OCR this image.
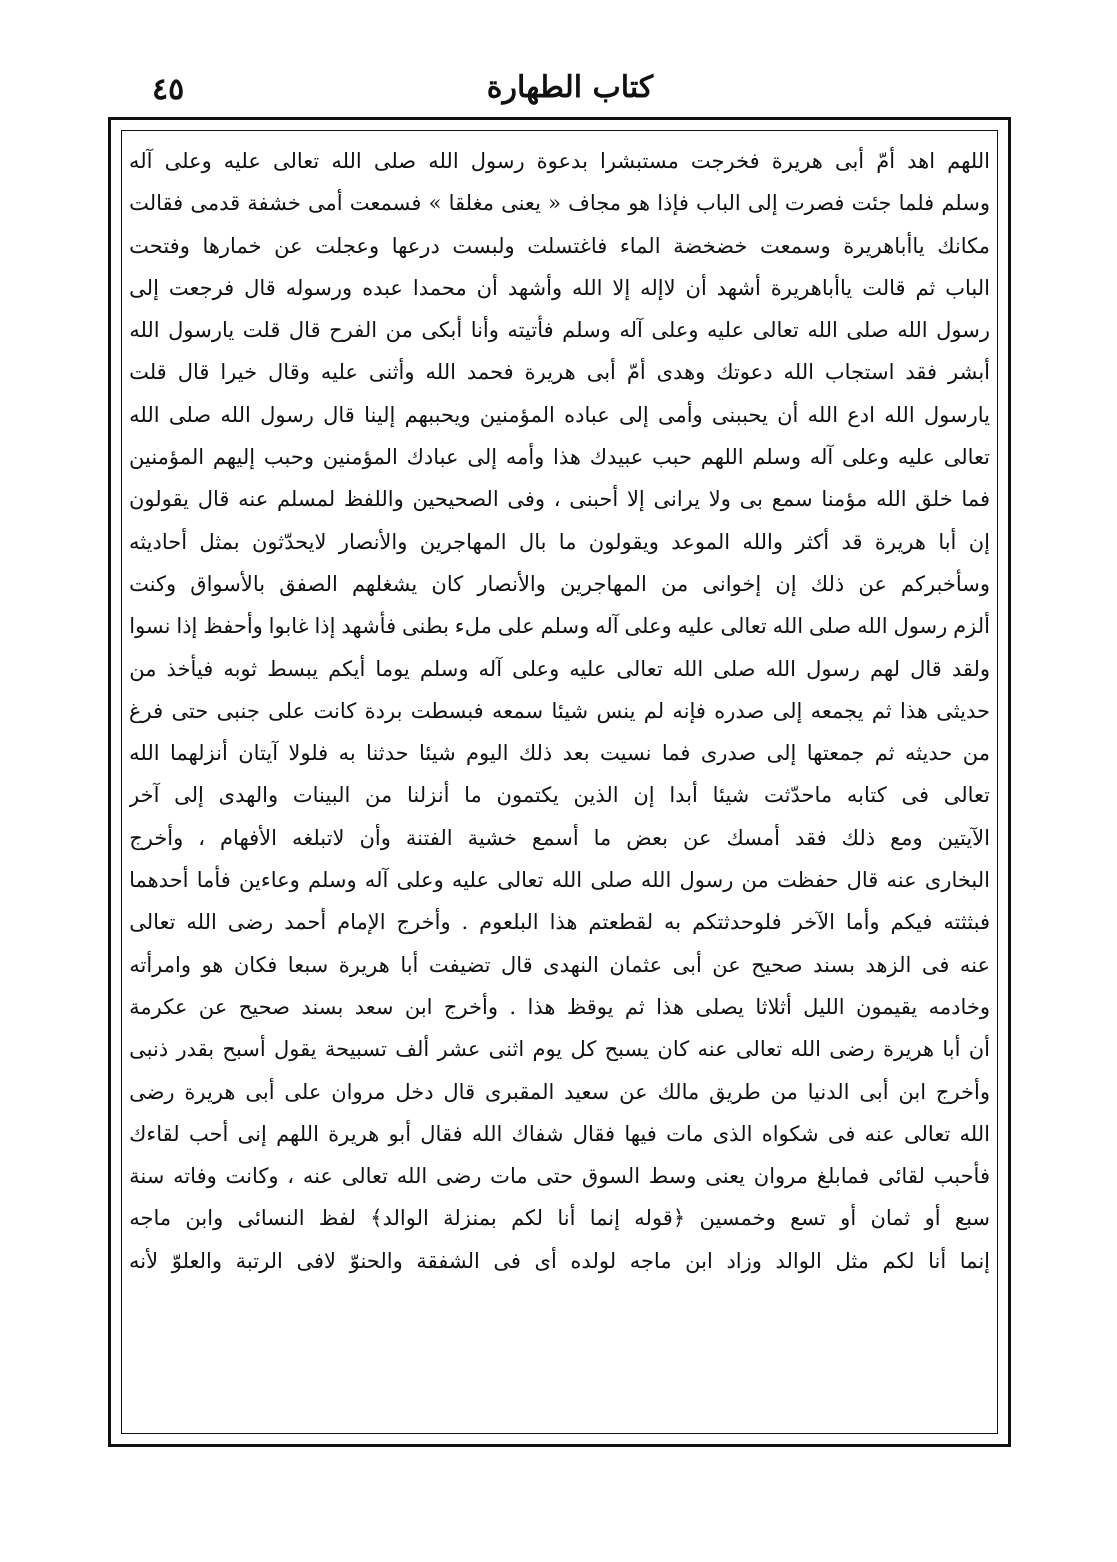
كتاب الطهارة
٤٥
اللهم
اهد
أمّ
أبى
هريرة
فخرجت
مستبشرا
بدعوة
رسول
الله
صلى
الله
تعالى
عليه
وعلى
آله
وسلم
فلما
جئت
فصرت
إلى
الباب
فإذا
هو
مجاف
«
يعنى
مغلقا
»
فسمعت
أمى
خشفة
قدمى
فقالت
مكانك
ياأباهريرة
وسمعت
خضخضة
الماء
فاغتسلت
ولبست
درعها
وعجلت
عن
خمارها
وفتحت
الباب
ثم
قالت
ياأباهريرة
أشهد
أن
لاإله
إلا
الله
وأشهد
أن
محمدا
عبده
ورسوله
قال
فرجعت
إلى
رسول
الله
صلى
الله
تعالى
عليه
وعلى
آله
وسلم
فأتيته
وأنا
أبكى
من
الفرح
قال
قلت
يارسول
الله
أبشر
فقد
استجاب
الله
دعوتك
وهدى
أمّ
أبى
هريرة
فحمد
الله
وأثنى
عليه
وقال
خيرا
قال
قلت
يارسول
الله
ادع
الله
أن
يحببنى
وأمى
إلى
عباده
المؤمنين
ويحببهم
إلينا
قال
رسول
الله
صلى
الله
تعالى
عليه
وعلى
آله
وسلم
اللهم
حبب
عبيدك
هذا
وأمه
إلى
عبادك
المؤمنين
وحبب
إليهم
المؤمنين
فما
خلق
الله
مؤمنا
سمع
بى
ولا
يرانى
إلا
أحبنى
،
وفى
الصحيحين
واللفظ
لمسلم
عنه
قال
يقولون
إن
أبا
هريرة
قد
أكثر
والله
الموعد
ويقولون
ما
بال
المهاجرين
والأنصار
لايحدّثون
بمثل
أحاديثه
وسأخبركم
عن
ذلك
إن
إخوانى
من
المهاجرين
والأنصار
كان
يشغلهم
الصفق
بالأسواق
وكنت
ألزم
رسول
الله
صلى
الله
تعالى
عليه
وعلى
آله
وسلم
على
ملء
بطنى
فأشهد
إذا
غابوا
وأحفظ
إذا
نسوا
ولقد
قال
لهم
رسول
الله
صلى
الله
تعالى
عليه
وعلى
آله
وسلم
يوما
أيكم
يبسط
ثوبه
فيأخذ
من
حديثى
هذا
ثم
يجمعه
إلى
صدره
فإنه
لم
ينس
شيئا
سمعه
فبسطت
بردة
كانت
على
جنبى
حتى
فرغ
من
حديثه
ثم
جمعتها
إلى
صدرى
فما
نسيت
بعد
ذلك
اليوم
شيئا
حدثنا
به
فلولا
آيتان
أنزلهما
الله
تعالى
فى
كتابه
ماحدّثت
شيئا
أبدا
إن
الذين
يكتمون
ما
أنزلنا
من
البينات
والهدى
إلى
آخر
الآيتين
ومع
ذلك
فقد
أمسك
عن
بعض
ما
أسمع
خشية
الفتنة
وأن
لاتبلغه
الأفهام
،
وأخرج
البخارى
عنه
قال
حفظت
من
رسول
الله
صلى
الله
تعالى
عليه
وعلى
آله
وسلم
وعاءين
فأما
أحدهما
فبثثته
فيكم
وأما
الآخر
فلوحدثتكم
به
لقطعتم
هذا
البلعوم
.
وأخرج
الإمام
أحمد
رضى
الله
تعالى
عنه
فى
الزهد
بسند
صحيح
عن
أبى
عثمان
النهدى
قال
تضيفت
أبا
هريرة
سبعا
فكان
هو
وامرأته
وخادمه
يقيمون
الليل
أثلاثا
يصلى
هذا
ثم
يوقظ
هذا
.
وأخرج
ابن
سعد
بسند
صحيح
عن
عكرمة
أن
أبا
هريرة
رضى
الله
تعالى
عنه
كان
يسبح
كل
يوم
اثنى
عشر
ألف
تسبيحة
يقول
أسبح
بقدر
ذنبى
وأخرج
ابن
أبى
الدنيا
من
طريق
مالك
عن
سعيد
المقبرى
قال
دخل
مروان
على
أبى
هريرة
رضى
الله
تعالى
عنه
فى
شكواه
الذى
مات
فيها
فقال
شفاك
الله
فقال
أبو
هريرة
اللهم
إنى
أحب
لقاءك
فأحبب
لقائى
فمابلغ
مروان
يعنى
وسط
السوق
حتى
مات
رضى
الله
تعالى
عنه
،
وكانت
وفاته
سنة
سبع
أو
ثمان
أو
تسع
وخمسين
﴿قوله
إنما
أنا
لكم
بمنزلة
الوالد﴾
لفظ
النسائى
وابن
ماجه
إنما
أنا
لكم
مثل
الوالد
وزاد
ابن
ماجه
لولده
أى
فى
الشفقة
والحنوّ
لافى
الرتبة
والعلوّ
لأنه
